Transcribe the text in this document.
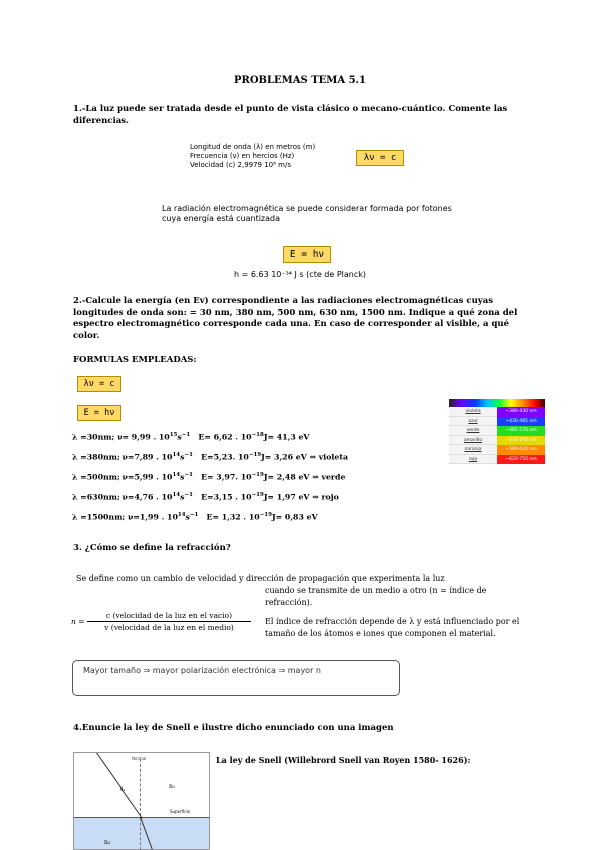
PROBLEMAS TEMA 5.1
1.-La luz puede ser tratada desde el punto de vista clásico o mecano-cuántico. Comente las diferencias.
Longitud de onda (λ) en metros (m)
Frecuencia (ν) en hercios (Hz)
Velocidad (c) 2,9979 10⁸ m/s
λν = c
La radiación electromagnética se puede considerar formada por fotones cuya energía está cuantizada
E = hν
h = 6.63 10⁻³⁴ J s (cte de Planck)
2.-Calcule la energía (en Ev) correspondiente a las radiaciones electromagnéticas cuyas longitudes de onda son: = 30 nm, 380 nm, 500 nm, 630 nm, 1500 nm. Indique a qué zona del espectro electromagnético corresponde cada una. En caso de corresponder al visible, a qué color.
FORMULAS EMPLEADAS:
λν = c
E = hν
λ =30nm; ν= 9,99 . $10^{15}s^{-1}$ E= 6,62 . $10^{-18}J= 41,3$ eV
λ =380nm; ν=7,89 . $10^{14}s^{-1}$ E=5,23. $10^{-19}J= 3,26$ eV ⇒ violeta
λ =500nm; ν=5,99 . $10^{14}s^{-1}$ E= 3,97. $10^{-19}J= 2,48$ eV ⇒ verde
λ =630nm; ν=4,76 . $10^{14}s^{-1}$ E=3,15 . $10^{-19}J= 1,97$ eV ⇒ rojo
λ =1500nm; ν=1,99 . $10^{14}s^{-1}$ E= 1,32 . $10^{-19}J= 0,83$ eV
violeta	~380-430 nm
azul	~430-485 nm
verde	~485-570 nm
amarillo	~570-590 nm
naranja	~590-620 nm
rojo	~620-750 nm
3. ¿Cómo se define la refracción?
Se define como un cambio de velocidad y dirección de propagación que experimenta la luz
cuando se transmite de un medio a otro (n = índice de refracción).
El índice de refracción depende de λ y está influenciado por el tamaño de los átomos e iones que componen el material.
n =
c (velocidad de la luz en el vacio)
v (velocidad de la luz en el medio)
Mayor tamaño ⇒ mayor polarización electrónica ⇒ mayor n
4.Enuncie la ley de Snell e ilustre dicho enunciado con una imagen
La ley de Snell (Willebrord Snell van Royen 1580- 1626):
Normal
θ₁	n₁
Superficie
n₂
